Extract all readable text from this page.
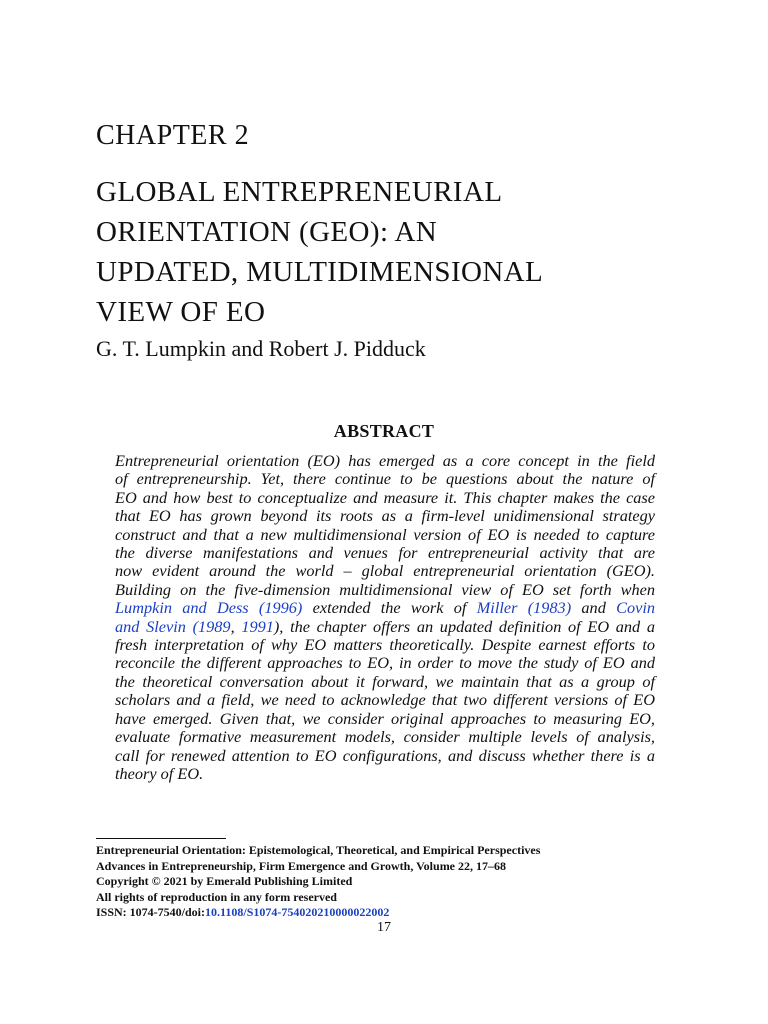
CHAPTER 2
GLOBAL ENTREPRENEURIAL
ORIENTATION (GEO): AN
UPDATED, MULTIDIMENSIONAL
VIEW OF EO
G. T. Lumpkin and Robert J. Pidduck
ABSTRACT
Entrepreneurial orientation (EO) has emerged as a core concept in the field
of entrepreneurship. Yet, there continue to be questions about the nature of
EO and how best to conceptualize and measure it. This chapter makes the case
that EO has grown beyond its roots as a firm-level unidimensional strategy
construct and that a new multidimensional version of EO is needed to capture
the diverse manifestations and venues for entrepreneurial activity that are
now evident around the world – global entrepreneurial orientation (GEO).
Building on the five-dimension multidimensional view of EO set forth when
Lumpkin and Dess (1996) extended the work of Miller (1983) and Covin
and Slevin (1989, 1991), the chapter offers an updated definition of EO and a
fresh interpretation of why EO matters theoretically. Despite earnest efforts to
reconcile the different approaches to EO, in order to move the study of EO and
the theoretical conversation about it forward, we maintain that as a group of
scholars and a field, we need to acknowledge that two different versions of EO
have emerged. Given that, we consider original approaches to measuring EO,
evaluate formative measurement models, consider multiple levels of analysis,
call for renewed attention to EO configurations, and discuss whether there is a
theory of EO.
Entrepreneurial Orientation: Epistemological, Theoretical, and Empirical Perspectives
Advances in Entrepreneurship, Firm Emergence and Growth, Volume 22, 17–68
Copyright © 2021 by Emerald Publishing Limited
All rights of reproduction in any form reserved
ISSN: 1074-7540/doi:10.1108/S1074-754020210000022002
17
